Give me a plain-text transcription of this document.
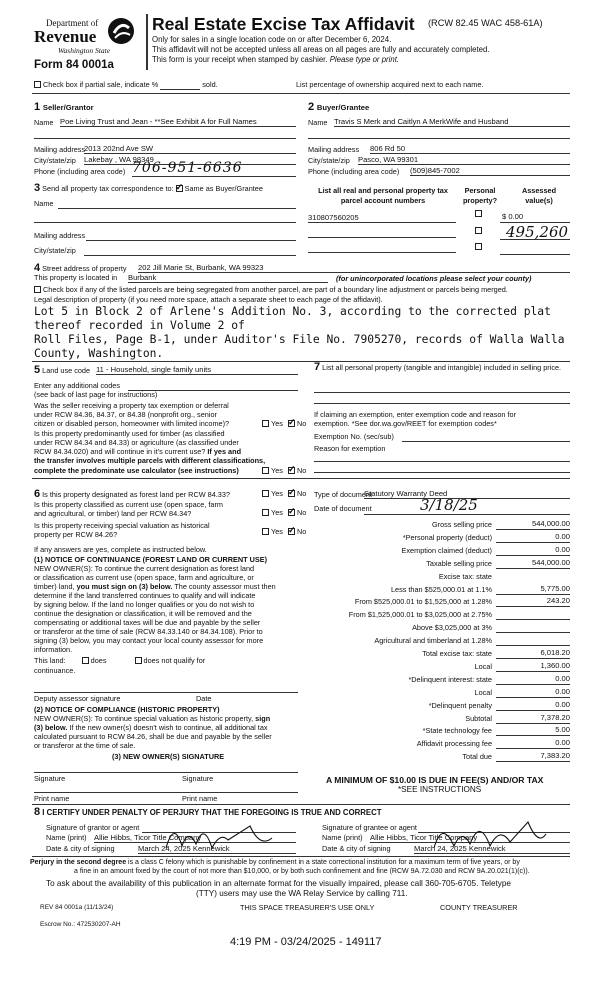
Department of
Revenue
Washington State
Form 84 0001a
Real Estate Excise Tax Affidavit (RCW 82.45 WAC 458-61A)
Only for sales in a single location code on or after December 6, 2024.
This affidavit will not be accepted unless all areas on all pages are fully and accurately completed.
This form is your receipt when stamped by cashier. Please type or print.
Check box if partial sale, indicate %	sold.	List percentage of ownership acquired next to each name.
1 Seller/Grantor
Name Poe Living Trust and Jean - **See Exhibit A for Full Names
Mailing address
2013 202nd Ave SW
City/state/zip Lakebay , WA 98349
Phone (including area code) 706-951-6636
2 Buyer/Grantee
Name Travis S Merk and Caitlyn A MerkWife and Husband
Mailing address 806 Rd 50
City/state/zip Pasco, WA 99301
Phone (including area code) (509)845-7002
3 Send all property tax correspondence to: ✓ Same as Buyer/Grantee
Name
Mailing address
City/state/zip
List all real and personal property tax parcel account numbers
Personal property?
Assessed value(s)
310807560205	$ 0.00
495,260
4 Street address of property 202 Jill Marie St, Burbank, WA 99323
This property is located in Burbank	(for unincorporated locations please select your county)
Check box if any of the listed parcels are being segregated from another parcel, are part of a boundary line adjustment or parcels being merged.
Legal description of property (if you need more space, attach a separate sheet to each page of the affidavit).
Lot 5 in Block 2 of Arlene's Addition No. 3, according to the corrected plat
thereof recorded in Volume 2 of
Roll Files, Page B-1, under Auditor's File No. 7905270, records of Walla Walla
County, Washington.
5 Land use code 11 - Household, single family units
Enter any additional codes
(see back of last page for instructions)
Was the seller receiving a property tax exemption or deferral
under RCW 84.36, 84.37, or 84.38 (nonprofit org., senior
citizen or disabled person, homeowner with limited income)?	Yes ✓ No
Is this property predominantly used for timber (as classified
under RCW 84.34 and 84.33) or agriculture (as classified under
RCW 84.34.020) and will continue in it's current use? If yes and
the transfer involves multiple parcels with different classifications,
complete the predominate use calculator (see instructions)	Yes ✓ No
7 List all personal property (tangible and intangible) included in selling price.
If claiming an exemption, enter exemption code and reason for
exemption. *See dor.wa.gov/REET for exemption codes*
Exemption No. (sec/sub)
Reason for exemption
6 Is this property designated as forest land per RCW 84.33?	Yes ✓ No
Is this property classified as current use (open space, farm
and agricultural, or timber) land per RCW 84.34?	Yes ✓ No
Is this property receiving special valuation as historical
property per RCW 84.26?	Yes ✓ No
If any answers are yes, complete as instructed below.
(1) NOTICE OF CONTINUANCE (FOREST LAND OR CURRENT USE)
NEW OWNER(S): To continue the current designation as forest land
or classification as current use (open space, farm and agriculture, or
timber) land, you must sign on (3) below. The county assessor must then
determine if the land transferred continues to qualify and will indicate
by signing below. If the land no longer qualifies or you do not wish to
continue the designation or classification, it will be removed and the
compensating or additional taxes will be due and payable by the seller
or transferor at the time of sale (RCW 84.33.140 or 84.34.108). Prior to
signing (3) below, you may contact your local county assessor for more
information.
This land:	does	does not qualify for
continuance.
Deputy assessor signature	Date
(2) NOTICE OF COMPLIANCE (HISTORIC PROPERTY)
NEW OWNER(S): To continue special valuation as historic property, sign
(3) below. If the new owner(s) doesn't wish to continue, all additional tax
calculated pursuant to RCW 84.26, shall be due and payable by the seller
or transferor at the time of sale.
(3) NEW OWNER(S) SIGNATURE
Signature	Signature
Print name	Print name
Type of document
Statutory Warranty Deed
Date of document	3/18/25
Gross selling price	544,000.00
*Personal property (deduct)	0.00
Exemption claimed (deduct)	0.00
Taxable selling price	544,000.00
Excise tax: state
Less than $525,000.01 at 1.1%	5,775.00
From $525,000.01 to $1,525,000 at 1.28%	243.20
From $1,525,000.01 to $3,025,000 at 2.75%
Above $3,025,000 at 3%
Agricultural and timberland at 1.28%
Total excise tax: state	6,018.20
Local	1,360.00
*Delinquent interest: state	0.00
Local	0.00
*Delinquent penalty	0.00
Subtotal	7,378.20
*State technology fee	5.00
Affidavit processing fee	0.00
Total due	7,383.20
A MINIMUM OF $10.00 IS DUE IN FEE(S) AND/OR TAX
*SEE INSTRUCTIONS
8 I CERTIFY UNDER PENALTY OF PERJURY THAT THE FOREGOING IS TRUE AND CORRECT
Signature of grantor or agent
Name (print) Allie Hibbs, Ticor Title Company
Date & city of signing	March 24, 2025 Kennewick
Signature of grantee or agent
Name (print) Allie Hibbs, Ticor Title Company
Date & city of signing	March 24, 2025 Kennewick
Perjury in the second degree is a class C felony which is punishable by confinement in a state correctional institution for a maximum term of five years, or by
a fine in an amount fixed by the court of not more than $10,000, or by both such confinement and fine (RCW 9A.72.030 and RCW 9A.20.021(1)(c)).
To ask about the availability of this publication in an alternate format for the visually impaired, please call 360-705-6705. Teletype
(TTY) users may use the WA Relay Service by calling 711.
REV 84 0001a (11/13/24)	THIS SPACE TREASURER'S USE ONLY	COUNTY TREASURER
Escrow No.: 472530207-AH
4:19 PM - 03/24/2025 - 149117
